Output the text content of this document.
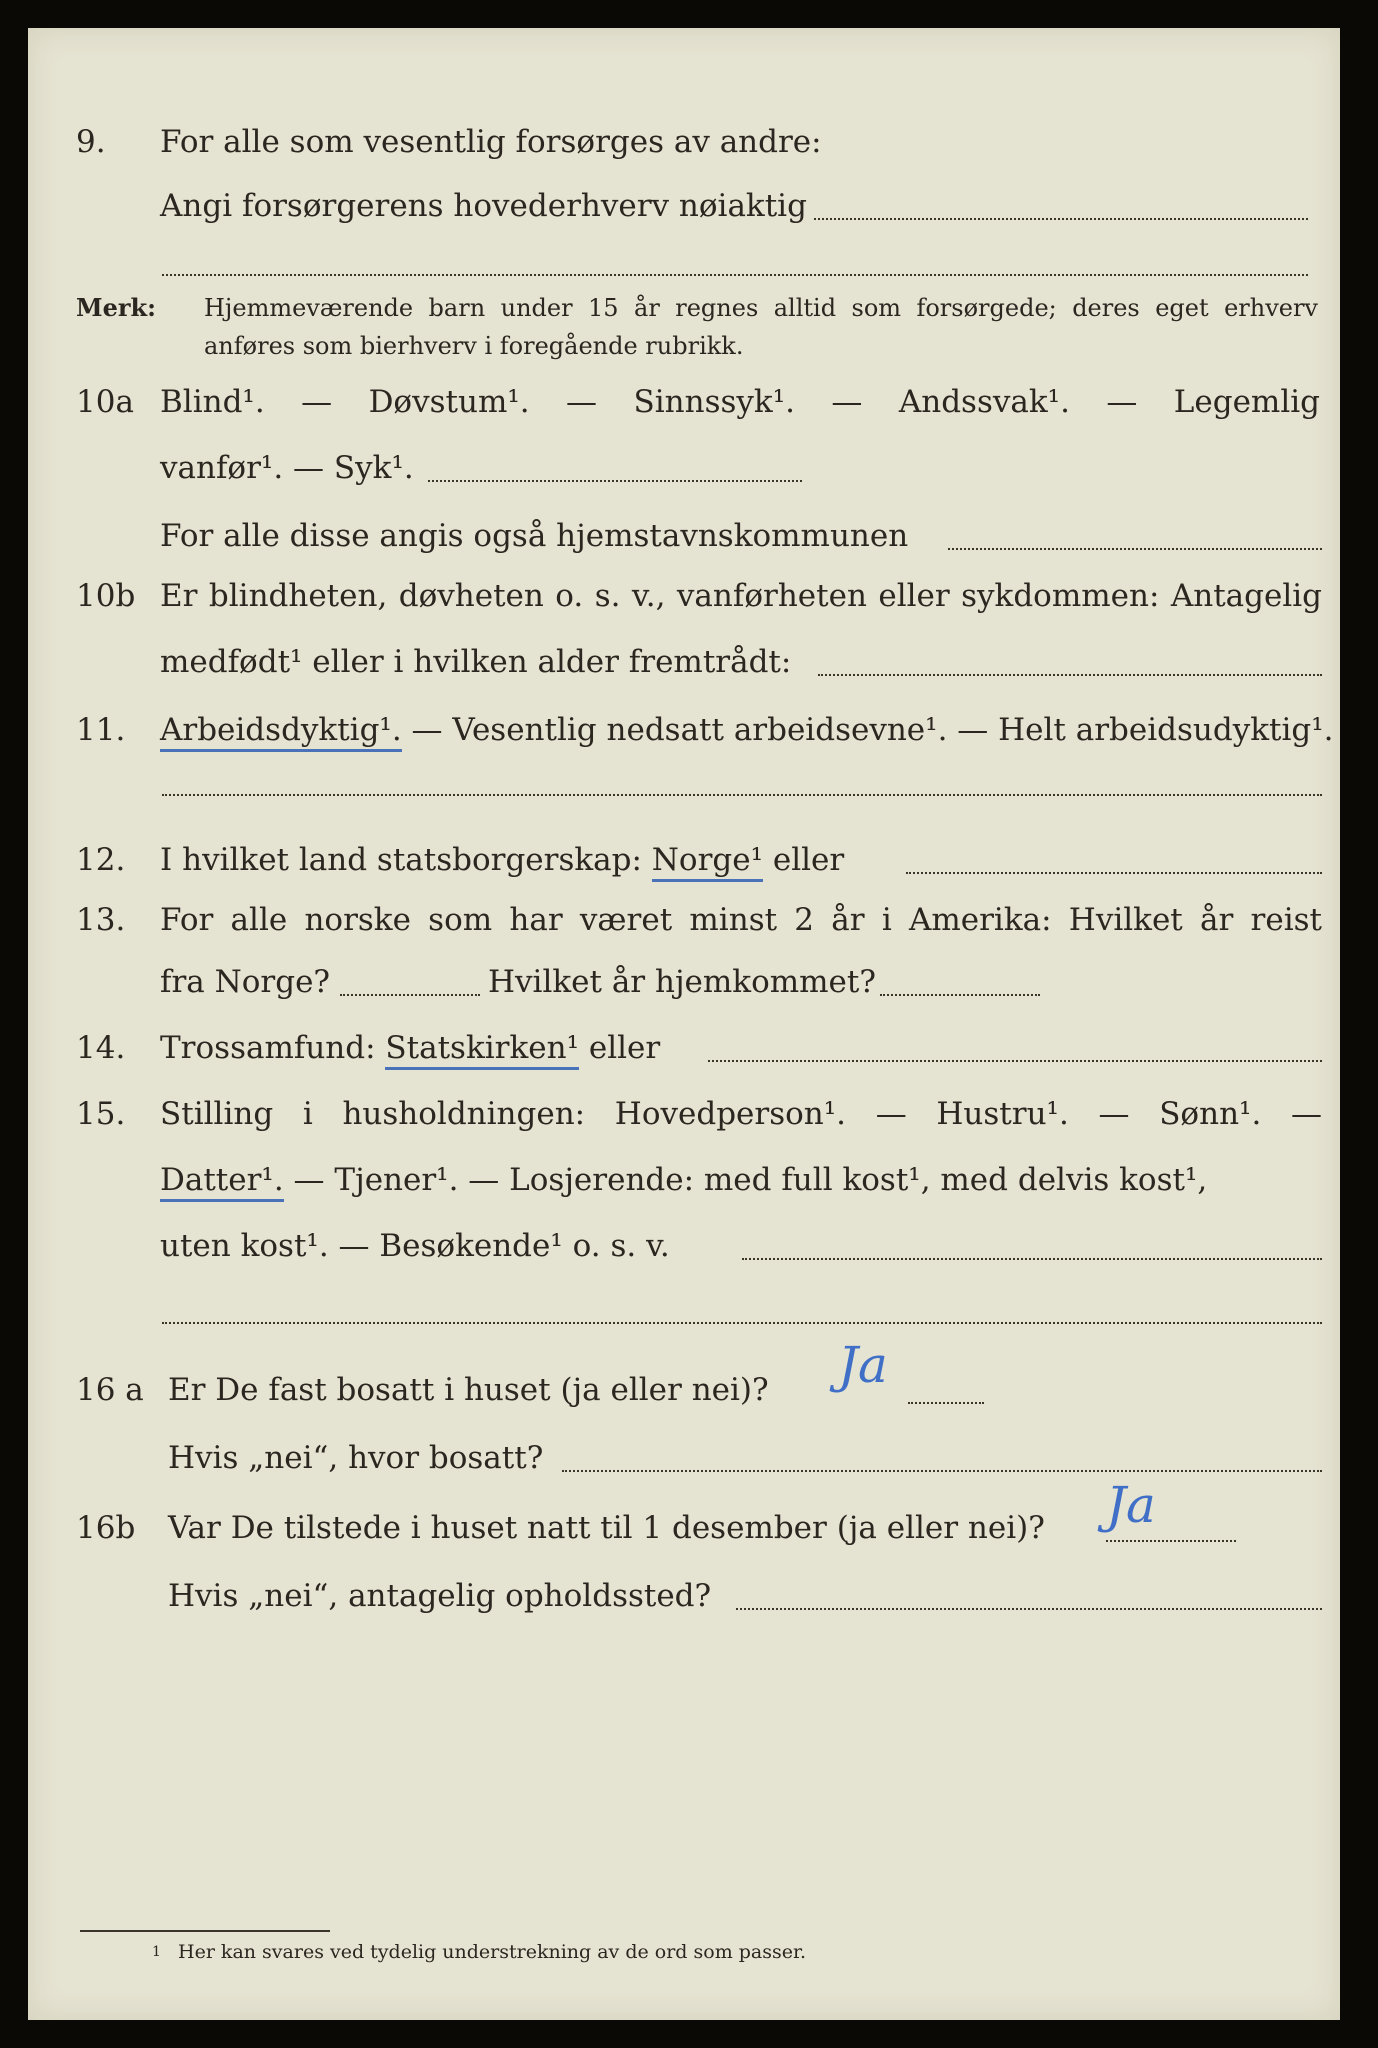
9. For alle som vesentlig forsørges av andre:
Angi forsørgerens hovederhverv nøiaktig
Merk: Hjemmeværende barn under 15 år regnes alltid som forsørgede; deres eget erhverv
anføres som bierhverv i foregående rubrikk.
10a Blind¹. — Døvstum¹. — Sinnssyk¹. — Andssvak¹. — Legemlig
vanfør¹. — Syk¹.
For alle disse angis også hjemstavnskommunen
10b Er blindheten, døvheten o. s. v., vanførheten eller sykdommen: Antagelig
medfødt¹ eller i hvilken alder fremtrådt:
11. Arbeidsdyktig¹. — Vesentlig nedsatt arbeidsevne¹. — Helt arbeidsudyktig¹.
12. I hvilket land statsborgerskap: Norge¹ eller
13. For alle norske som har været minst 2 år i Amerika: Hvilket år reist
fra Norge?	Hvilket år hjemkommet?
14. Trossamfund: Statskirken¹ eller
15. Stilling i husholdningen: Hovedperson¹. — Hustru¹. — Sønn¹. —
Datter¹. — Tjener¹. — Losjerende: med full kost¹, med delvis kost¹,
uten kost¹. — Besøkende¹ o. s. v.
16 a Er De fast bosatt i huset (ja eller nei)? Ja
Hvis „nei“, hvor bosatt?
16b Var De tilstede i huset natt til 1 desember (ja eller nei)? Ja
Hvis „nei“, antagelig opholdssted?
1 Her kan svares ved tydelig understrekning av de ord som passer.
